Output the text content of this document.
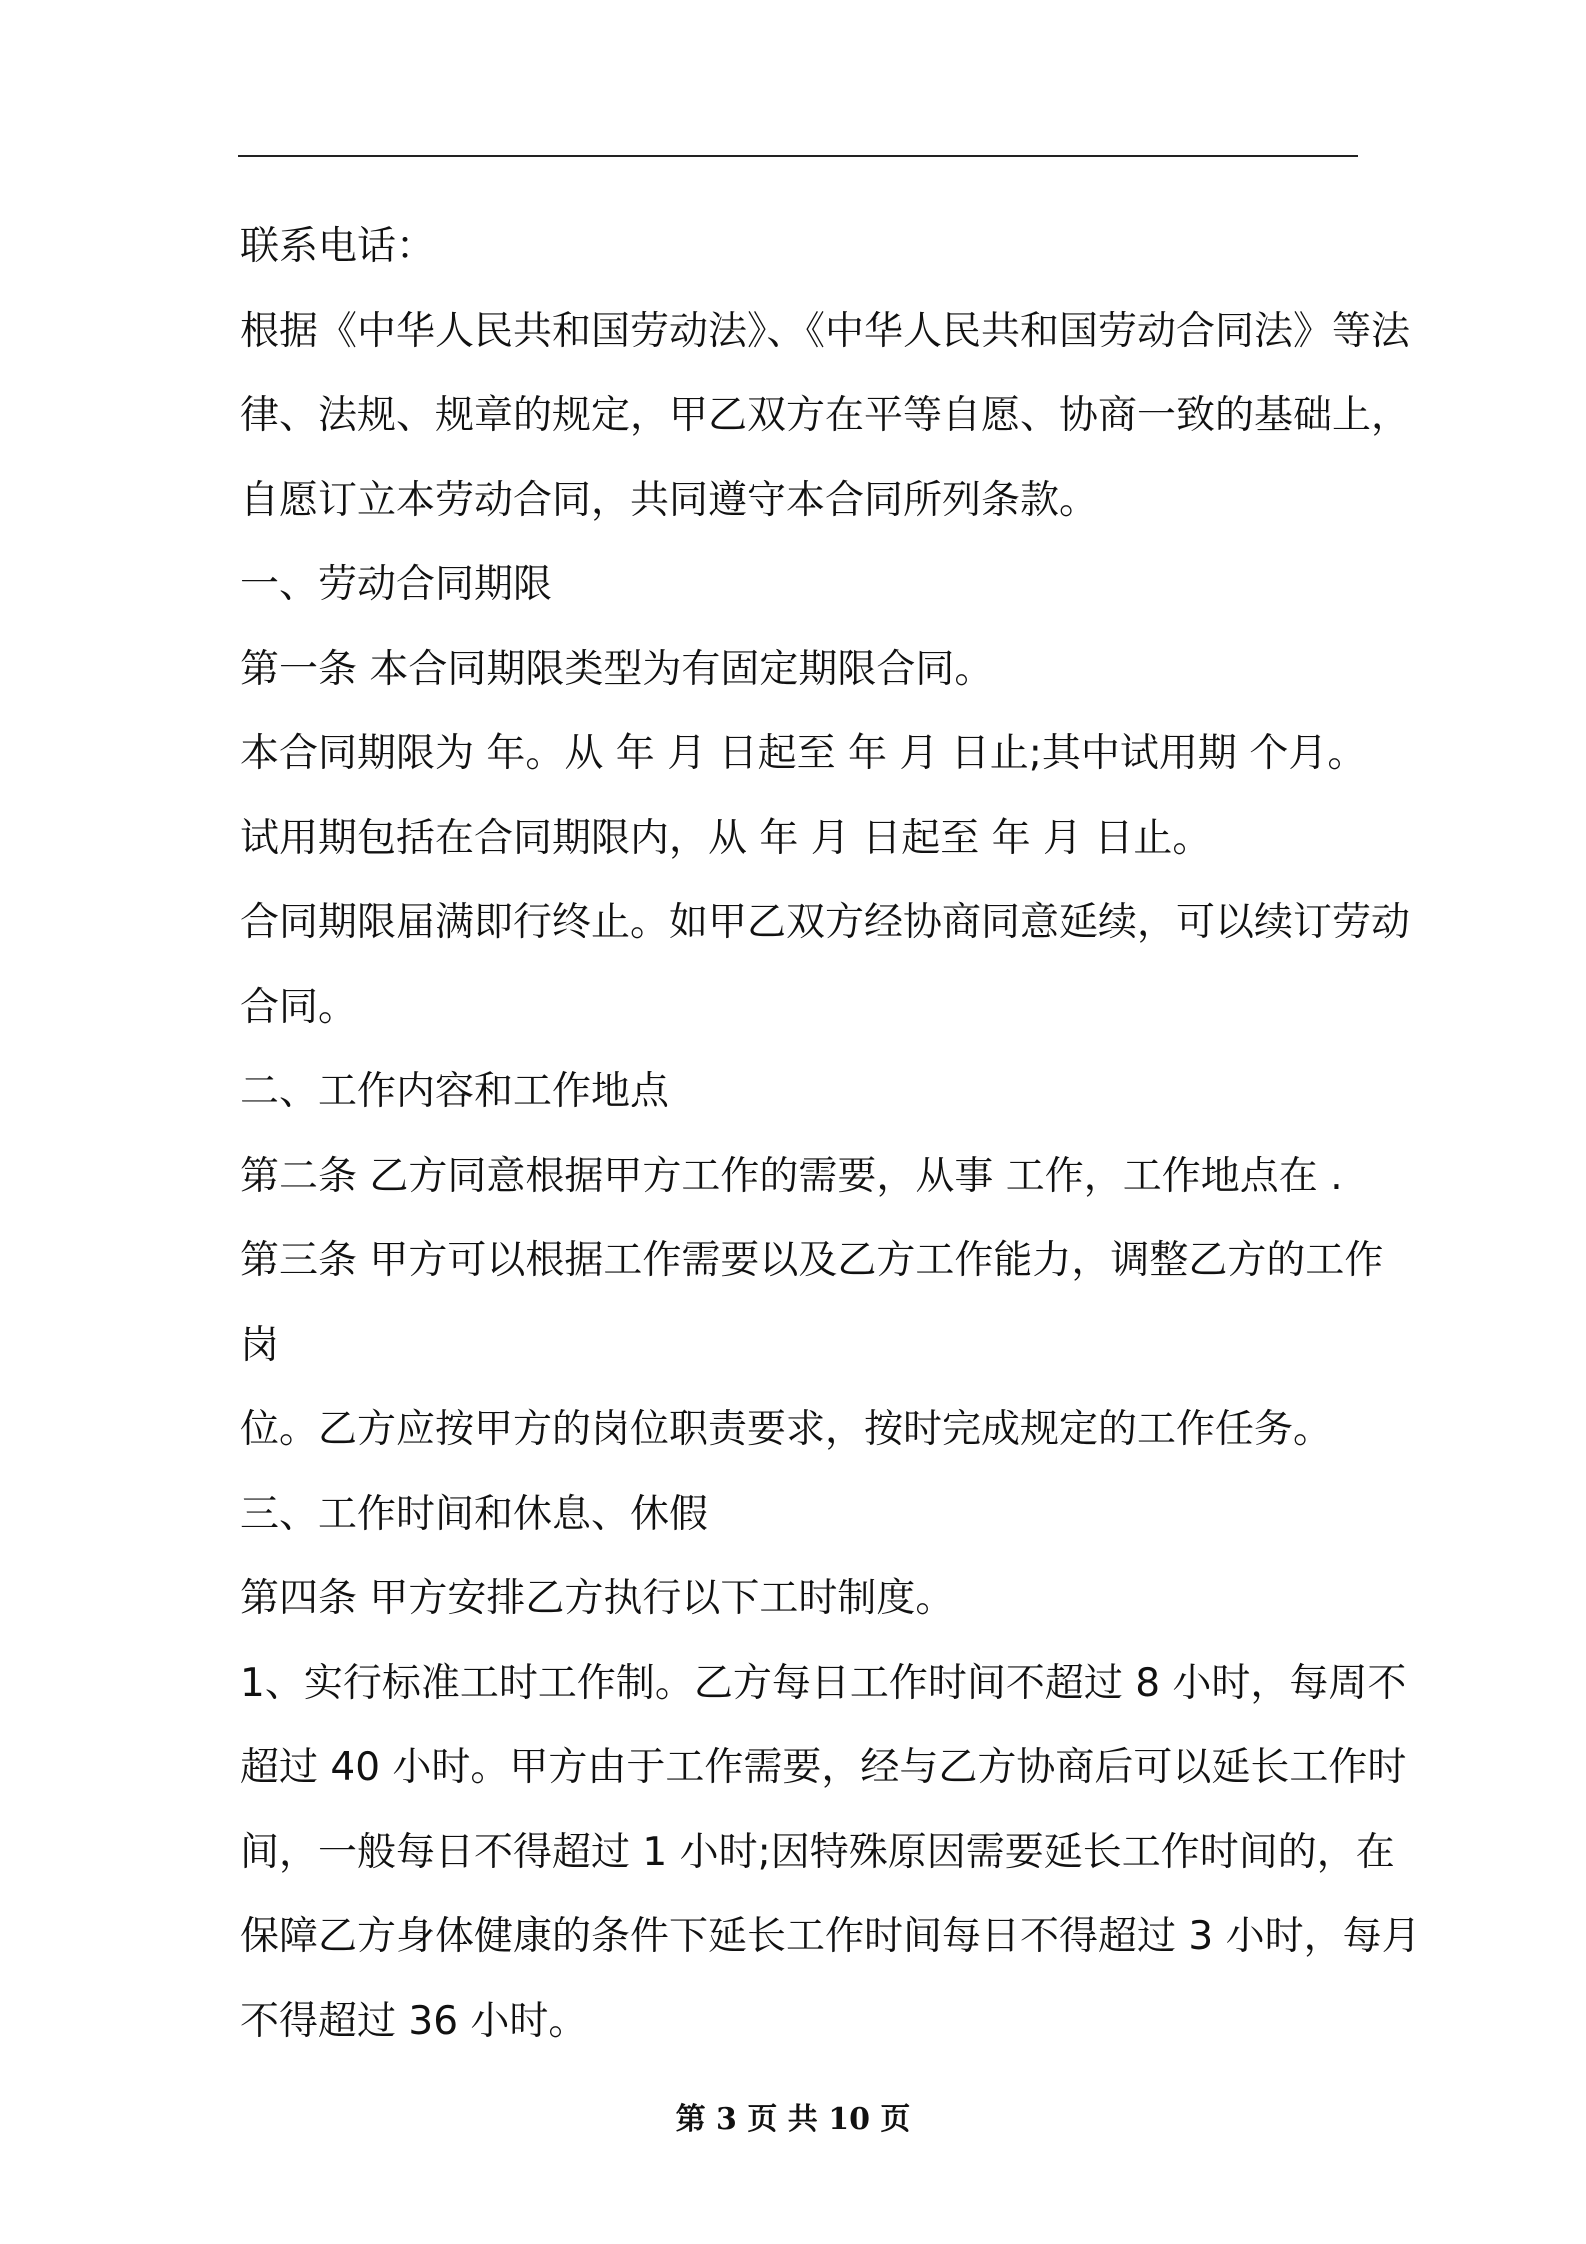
联系电话：
根据《中华人民共和国劳动法》、《中华人民共和国劳动合同法》等法
律、法规、规章的规定，甲乙双方在平等自愿、协商一致的基础上，
自愿订立本劳动合同，共同遵守本合同所列条款。
一、劳动合同期限
第一条 本合同期限类型为有固定期限合同。
本合同期限为 年。从 年 月 日起至 年 月 日止;其中试用期 个月。
试用期包括在合同期限内，从 年 月 日起至 年 月 日止。
合同期限届满即行终止。如甲乙双方经协商同意延续，可以续订劳动
合同。
二、工作内容和工作地点
第二条 乙方同意根据甲方工作的需要，从事 工作，工作地点在 .
第三条 甲方可以根据工作需要以及乙方工作能力，调整乙方的工作
岗
位。乙方应按甲方的岗位职责要求，按时完成规定的工作任务。
三、工作时间和休息、休假
第四条 甲方安排乙方执行以下工时制度。
1、实行标准工时工作制。乙方每日工作时间不超过 8 小时，每周不
超过 40 小时。甲方由于工作需要，经与乙方协商后可以延长工作时
间，一般每日不得超过 1 小时;因特殊原因需要延长工作时间的，在
保障乙方身体健康的条件下延长工作时间每日不得超过 3 小时，每月
不得超过 36 小时。
第 3 页 共 10 页
